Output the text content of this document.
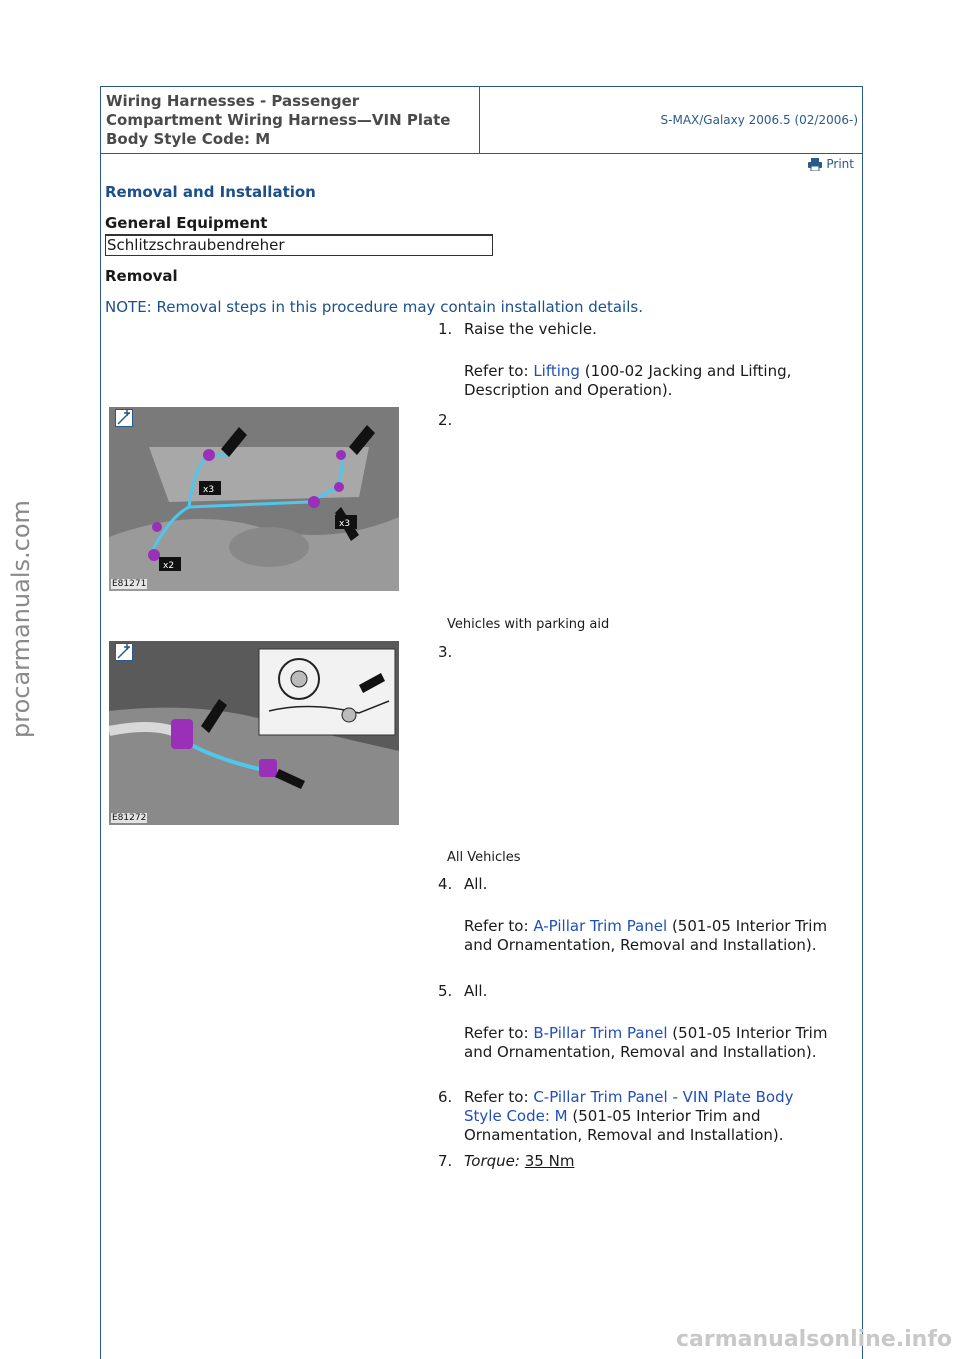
Wiring Harnesses - Passenger

Compartment Wiring Harness—VIN Plate

Body Style Code: M

S-MAX/Galaxy 2006.5 (02/2006-)
Print

Removal and Installation

General Equipment

Schlitzschraubendreher

Removal

NOTE: Removal steps in this procedure may contain installation details.

1. Raise the vehicle.

Refer to: Lifting (100-02 Jacking and Lifting, Description and Operation).

x3
x3
x2
E81271
2.
Vehicles with parking aid
E81272
3.
All Vehicles
4. All.

Refer to: A-Pillar Trim Panel (501-05 Interior Trim and Ornamentation, Removal and Installation).

5. All.

Refer to: B-Pillar Trim Panel (501-05 Interior Trim and Ornamentation, Removal and Installation).

6. Refer to: C-Pillar Trim Panel - VIN Plate Body Style Code: M (501-05 Interior Trim and Ornamentation, Removal and Installation).

7. Torque: 35 Nm

procarmanuals.com
carmanualsonline.info
